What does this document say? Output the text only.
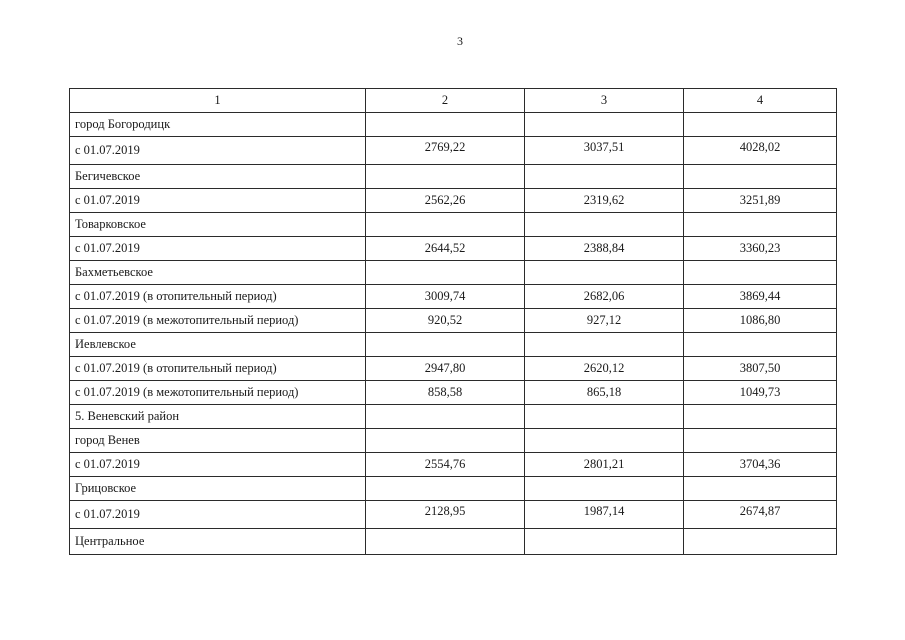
3
1	2	3	4
город Богородицк			
с 01.07.2019	2769,22	3037,51	4028,02
Бегичевское			
с 01.07.2019	2562,26	2319,62	3251,89
Товарковское			
с 01.07.2019	2644,52	2388,84	3360,23
Бахметьевское			
с 01.07.2019 (в отопительный период)	3009,74	2682,06	3869,44
с 01.07.2019 (в межотопительный период)	920,52	927,12	1086,80
Иевлевское			
с 01.07.2019 (в отопительный период)	2947,80	2620,12	3807,50
с 01.07.2019 (в межотопительный период)	858,58	865,18	1049,73
5. Веневский район			
город Венев			
с 01.07.2019	2554,76	2801,21	3704,36
Грицовское			
с 01.07.2019	2128,95	1987,14	2674,87
Центральное			
